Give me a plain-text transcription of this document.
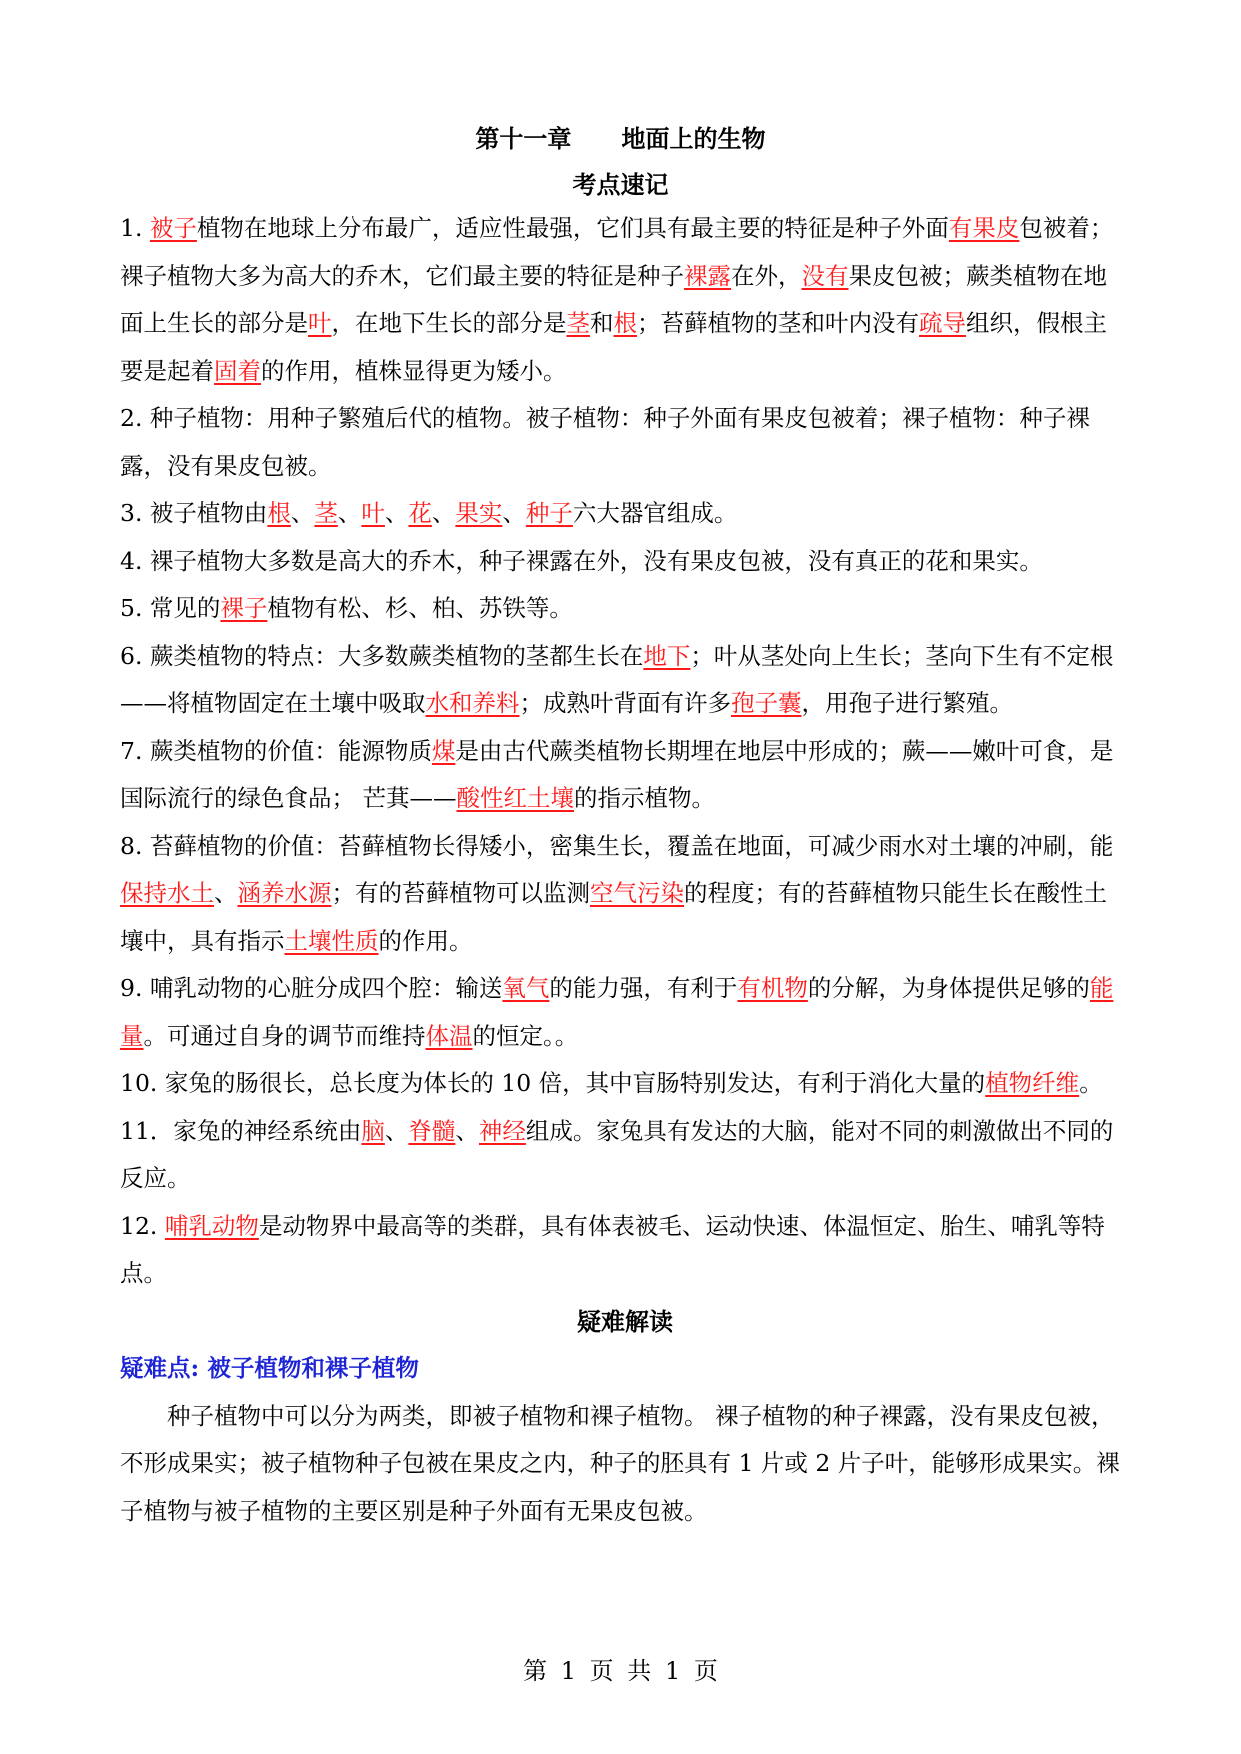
第十一章      地面上的生物
考点速记

1. 被子植物在地球上分布最广，适应性最强，它们具有最主要的特征是种子外面有果皮包被着；裸子植物大多为高大的乔木，它们最主要的特征是种子裸露在外，没有果皮包被；蕨类植物在地面上生长的部分是叶，在地下生长的部分是茎和根；苔藓植物的茎和叶内没有疏导组织，假根主要是起着固着的作用，植株显得更为矮小。

2. 种子植物：用种子繁殖后代的植物。被子植物：种子外面有果皮包被着；裸子植物：种子裸露，没有果皮包被。

3. 被子植物由根、茎、叶、花、果实、种子六大器官组成。

4. 裸子植物大多数是高大的乔木，种子裸露在外，没有果皮包被，没有真正的花和果实。

5. 常见的裸子植物有松、杉、柏、苏铁等。

6. 蕨类植物的特点：大多数蕨类植物的茎都生长在地下；叶从茎处向上生长；茎向下生有不定根——将植物固定在土壤中吸取水和养料；成熟叶背面有许多孢子囊，用孢子进行繁殖。

7. 蕨类植物的价值：能源物质煤是由古代蕨类植物长期埋在地层中形成的；蕨——嫩叶可食，是国际流行的绿色食品； 芒萁——酸性红土壤的指示植物。

8. 苔藓植物的价值：苔藓植物长得矮小，密集生长，覆盖在地面，可减少雨水对土壤的冲刷，能保持水土、涵养水源；有的苔藓植物可以监测空气污染的程度；有的苔藓植物只能生长在酸性土壤中，具有指示土壤性质的作用。

9. 哺乳动物的心脏分成四个腔：输送氧气的能力强，有利于有机物的分解，为身体提供足够的能量。可通过自身的调节而维持体温的恒定。。

10. 家兔的肠很长，总长度为体长的 10 倍，其中盲肠特别发达，有利于消化大量的植物纤维。

11．家兔的神经系统由脑、脊髓、神经组成。家兔具有发达的大脑，能对不同的刺激做出不同的反应。

12. 哺乳动物是动物界中最高等的类群，具有体表被毛、运动快速、体温恒定、胎生、哺乳等特点。

疑难解读

疑难点: 被子植物和裸子植物

种子植物中可以分为两类，即被子植物和裸子植物。 裸子植物的种子裸露，没有果皮包被，不形成果实；被子植物种子包被在果皮之内，种子的胚具有 1 片或 2 片子叶，能够形成果实。裸子植物与被子植物的主要区别是种子外面有无果皮包被。

第 1 页 共 1 页
